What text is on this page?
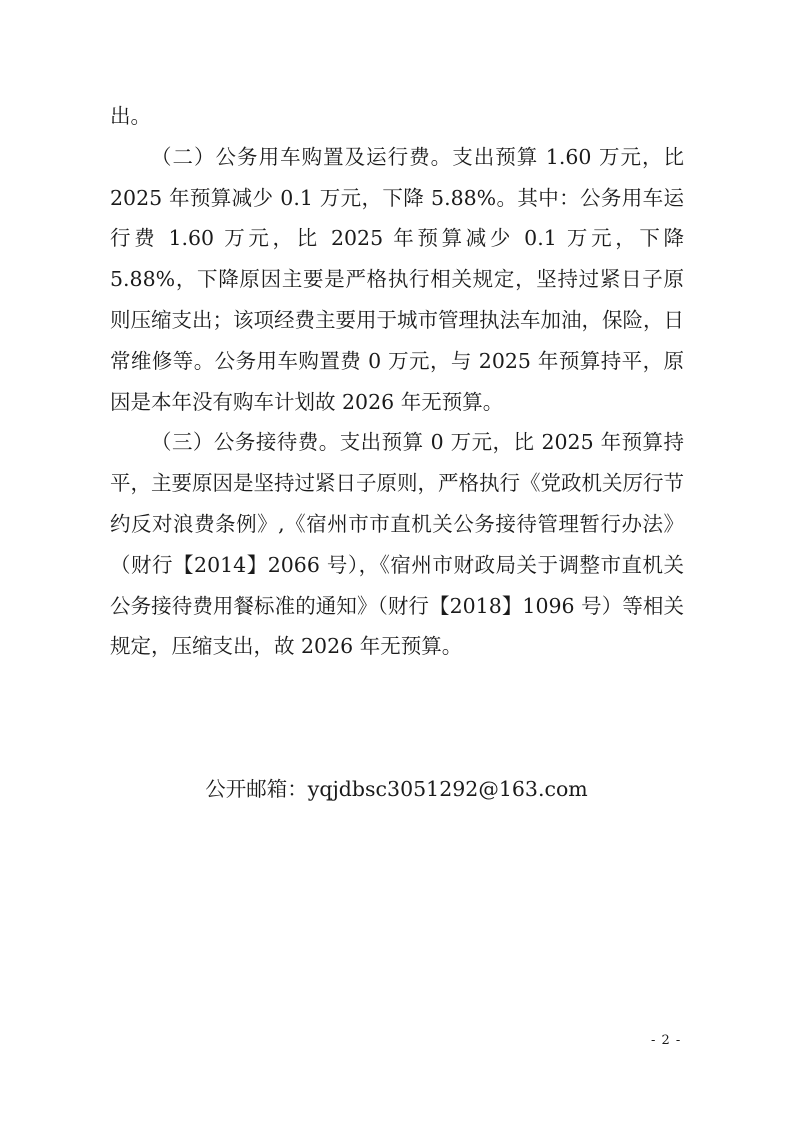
出。

（二）公务用车购置及运行费。支出预算 1.60 万元，比 2025 年预算减少 0.1 万元，下降 5.88%。其中：公务用车运行费 1.60 万元，比 2025 年预算减少 0.1 万元，下降 5.88%，下降原因主要是严格执行相关规定，坚持过紧日子原则压缩支出；该项经费主要用于城市管理执法车加油，保险，日常维修等。公务用车购置费 0 万元，与 2025 年预算持平，原因是本年没有购车计划故 2026 年无预算。

（三）公务接待费。支出预算 0 万元，比 2025 年预算持平，主要原因是坚持过紧日子原则，严格执行《党政机关厉行节约反对浪费条例》,《宿州市市直机关公务接待管理暂行办法》（财行【2014】2066 号），《宿州市财政局关于调整市直机关公务接待费用餐标准的通知》（财行【2018】1096 号）等相关规定，压缩支出，故 2026 年无预算。

公开邮箱：yqjdbsc3051292@163.com
- 2 -
